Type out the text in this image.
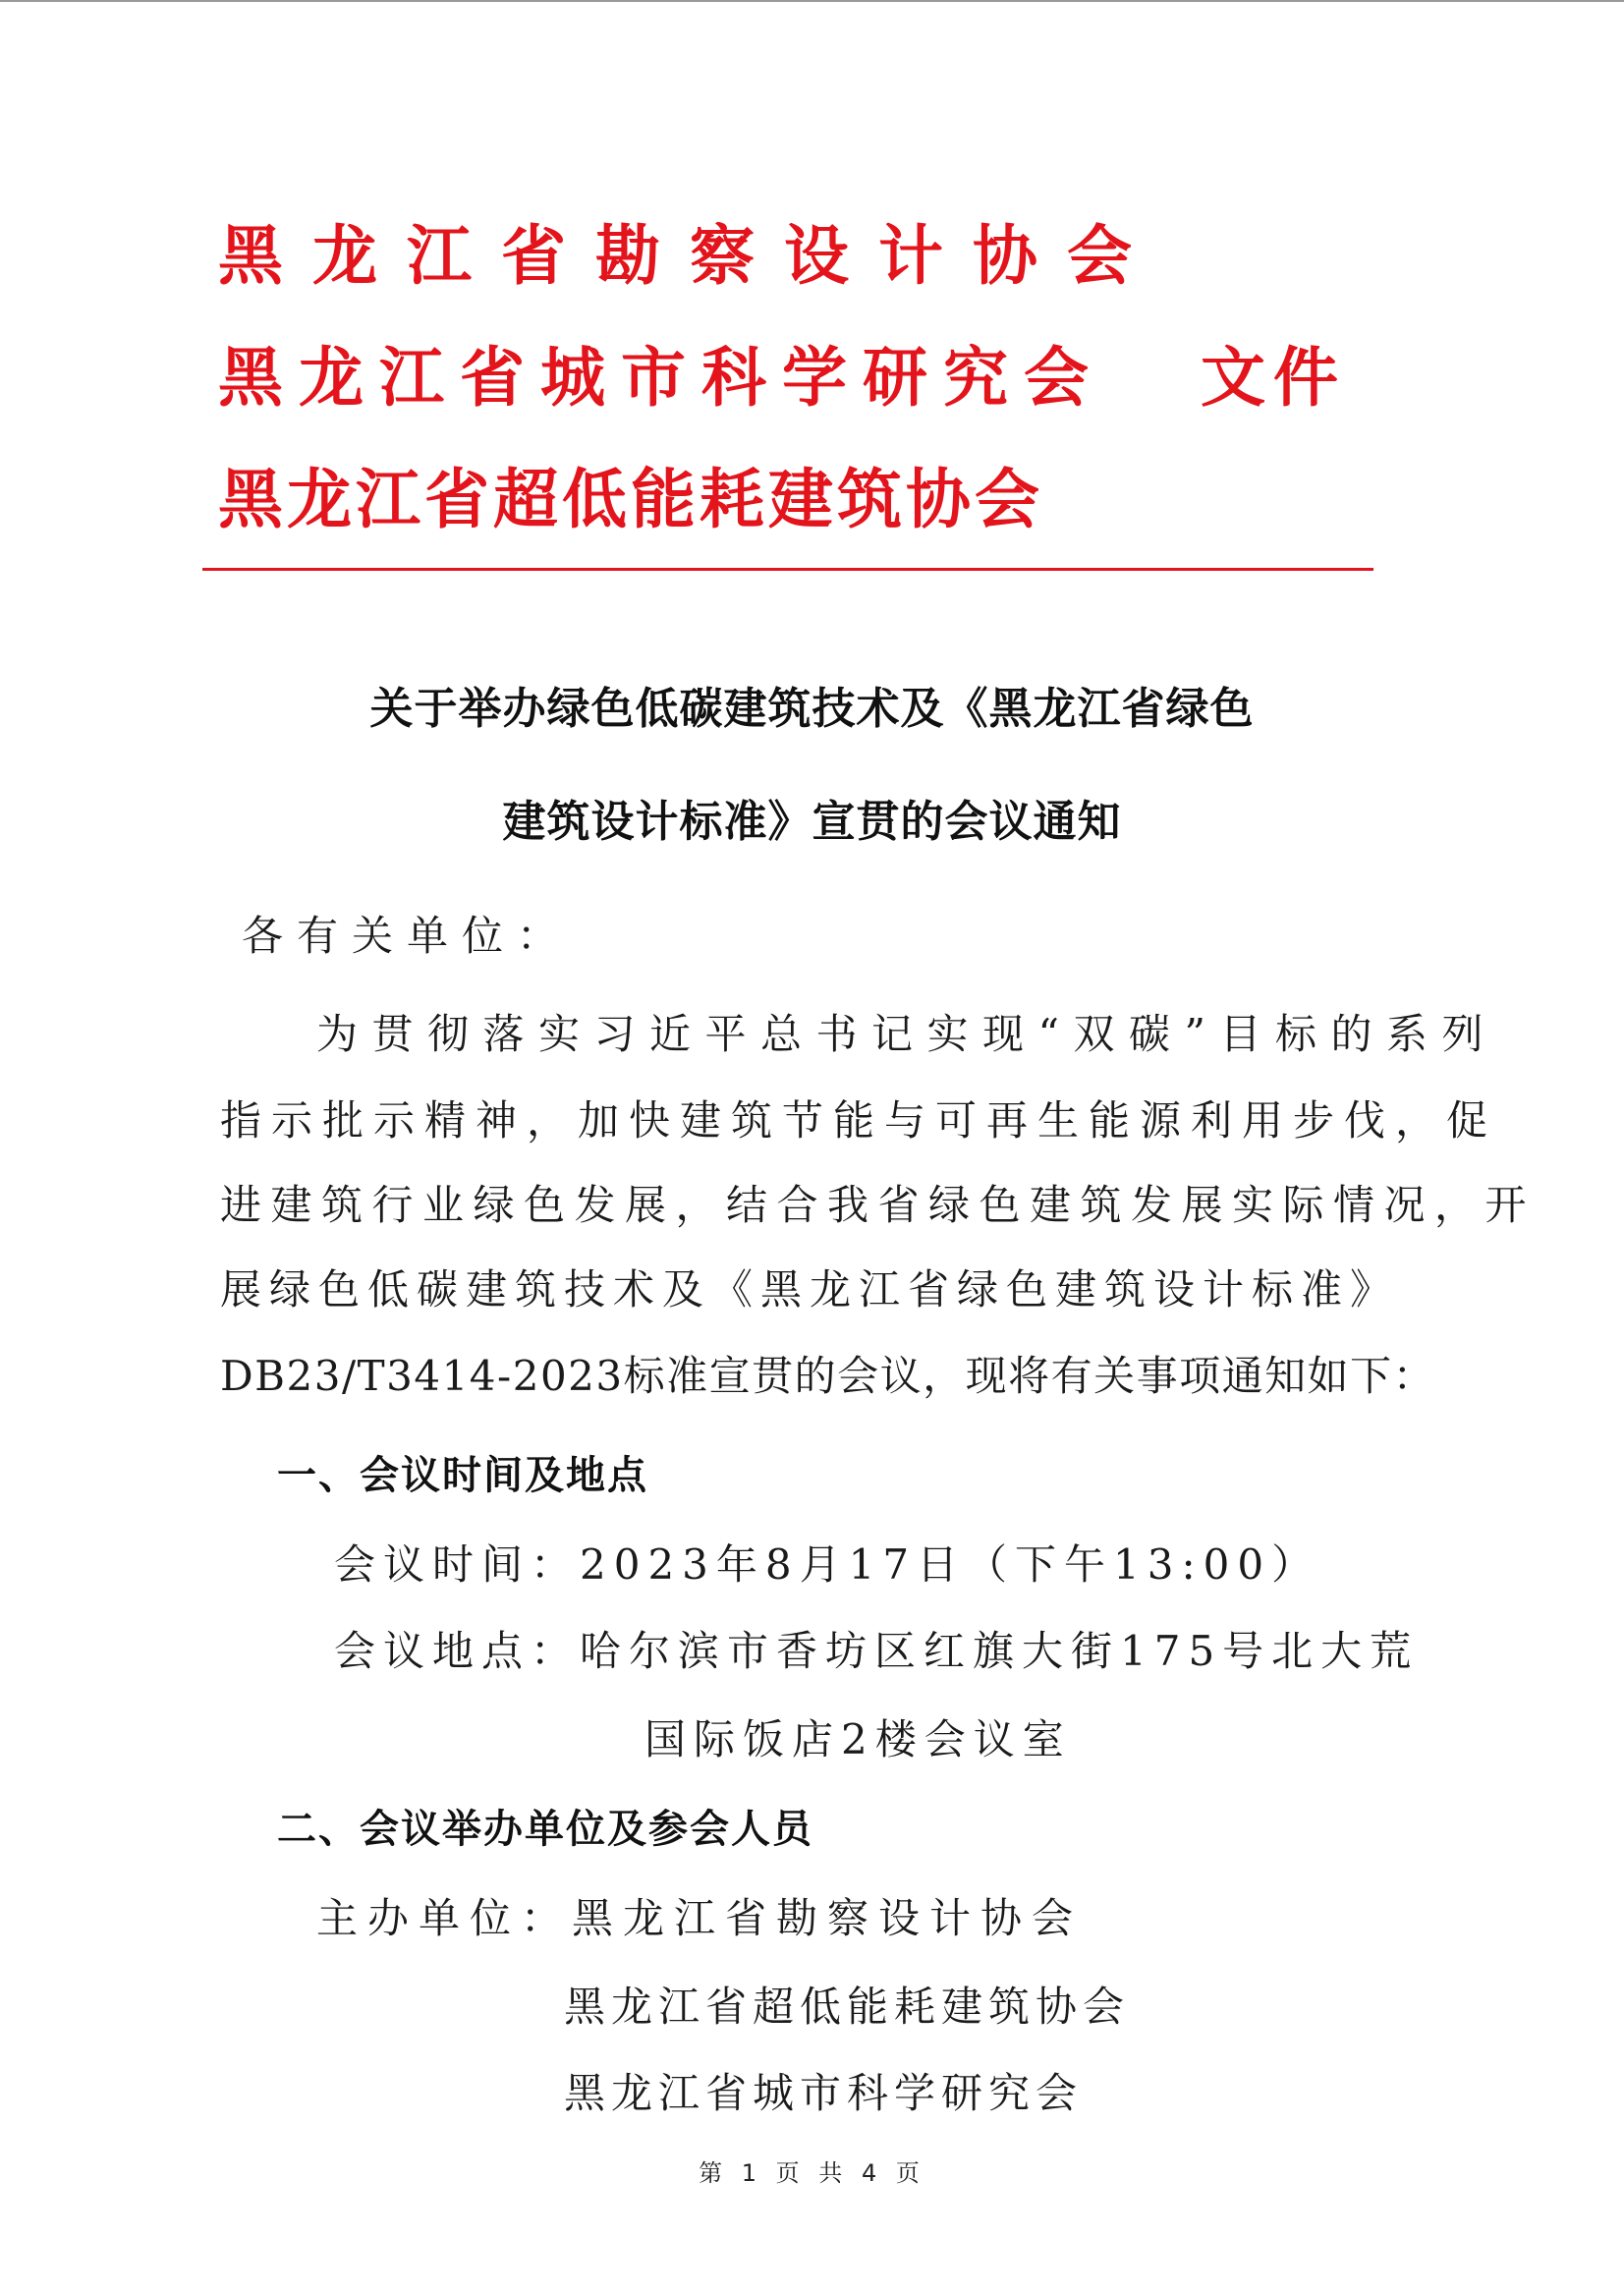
黑龙江省勘察设计协会
黑龙江省城市科学研究会 文件
黑龙江省超低能耗建筑协会
关于举办绿色低碳建筑技术及《黑龙江省绿色
建筑设计标准》宣贯的会议通知
各有关单位：
为贯彻落实习近平总书记实现“双碳”目标的系列
指示批示精神，加快建筑节能与可再生能源利用步伐，促
进建筑行业绿色发展，结合我省绿色建筑发展实际情况，开
展绿色低碳建筑技术及《黑龙江省绿色建筑设计标准》
DB23/T3414-2023标准宣贯的会议，现将有关事项通知如下：
一、会议时间及地点
会议时间：2023年8月17日（下午13:00）
会议地点：哈尔滨市香坊区红旗大街175号北大荒
国际饭店2楼会议室
二、会议举办单位及参会人员
主办单位：黑龙江省勘察设计协会
黑龙江省超低能耗建筑协会
黑龙江省城市科学研究会
第 1 页 共 4 页
